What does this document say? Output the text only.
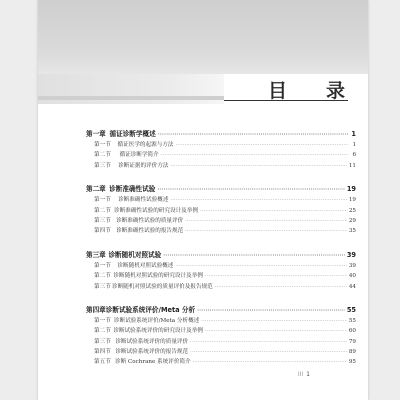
目　录
第一章 循证诊断学概述 ·····	1
第一节	循证医学的起源与方法 ·····	1
第二节	循证诊断学简介 ·····	6
第三节	诊断证据的评价方法 ·····	11
第二章 诊断准确性试验 ·····	19
第一节	诊断准确性试验概述 ·····	19
第二节 诊断准确性试验的研究设计及举例 ·····	25
第三节 诊断准确性试验的质量评价 ·····	29
第四节 诊断准确性试验的报告规范 ·····	35
第三章 诊断随机对照试验 ·····	39
第一节	诊断随机对照试验概述 ·····	39
第二节 诊断随机对照试验的研究设计及举例 ·····	40
第三节 诊断随机对照试验的质量评价及报告规范 ·····	44
第四章 诊断试验系统评价/Meta 分析 ·····	55
第一节 诊断试验系统评价/Meta 分析概述 ·····	55
第二节 诊断试验系统评价的研究设计及举例 ·····	60
第三节 诊断试验系统评价的质量评价 ·····	79
第四节 诊断试验系统评价的报告规范 ·····	89
第五节 诊断 Cochrane 系统评价简介 ·····	95
III 1
